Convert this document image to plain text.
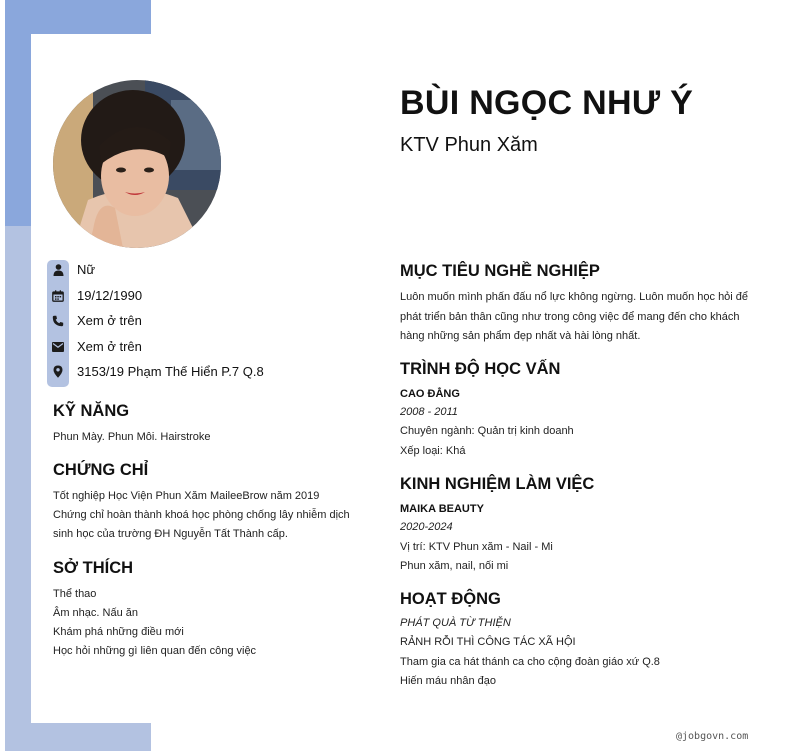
BÙI NGỌC NHƯ Ý
KTV Phun Xăm
Nữ
19/12/1990
Xem ở trên
Xem ở trên
3153/19 Phạm Thế Hiển P.7 Q.8
KỸ NĂNG
Phun Mày. Phun Môi. Hairstroke
CHỨNG CHỈ
Tốt nghiệp Học Viện Phun Xăm MaileeBrow năm 2019
Chứng chỉ hoàn thành khoá học phòng chống lây nhiễm dịch
sinh học của trường ĐH Nguyễn Tất Thành cấp.
SỞ THÍCH
Thể thao
Âm nhạc. Nấu ăn
Khám phá những điều mới
Học hỏi những gì liên quan đến công việc
MỤC TIÊU NGHỀ NGHIỆP
Luôn muốn mình phấn đấu nổ lực không ngừng. Luôn muốn học hỏi để phát triển bản thân cũng như trong công việc để mang đến cho khách hàng những sản phẩm đẹp nhất và hài lòng nhất.
TRÌNH ĐỘ HỌC VẤN
CAO ĐẲNG
2008 - 2011
Chuyên ngành: Quản trị kinh doanh
Xếp loại: Khá
KINH NGHIỆM LÀM VIỆC
MAIKA BEAUTY
2020-2024
Vị trí: KTV Phun xăm - Nail - Mi
Phun xăm, nail, nối mi
HOẠT ĐỘNG
PHÁT QUÀ TỪ THIỆN
RẢNH RỖI THÌ CÔNG TÁC XÃ HỘI
Tham gia ca hát thánh ca cho cộng đoàn giáo xứ Q.8
Hiến máu nhân đạo
@jobgovn.com
